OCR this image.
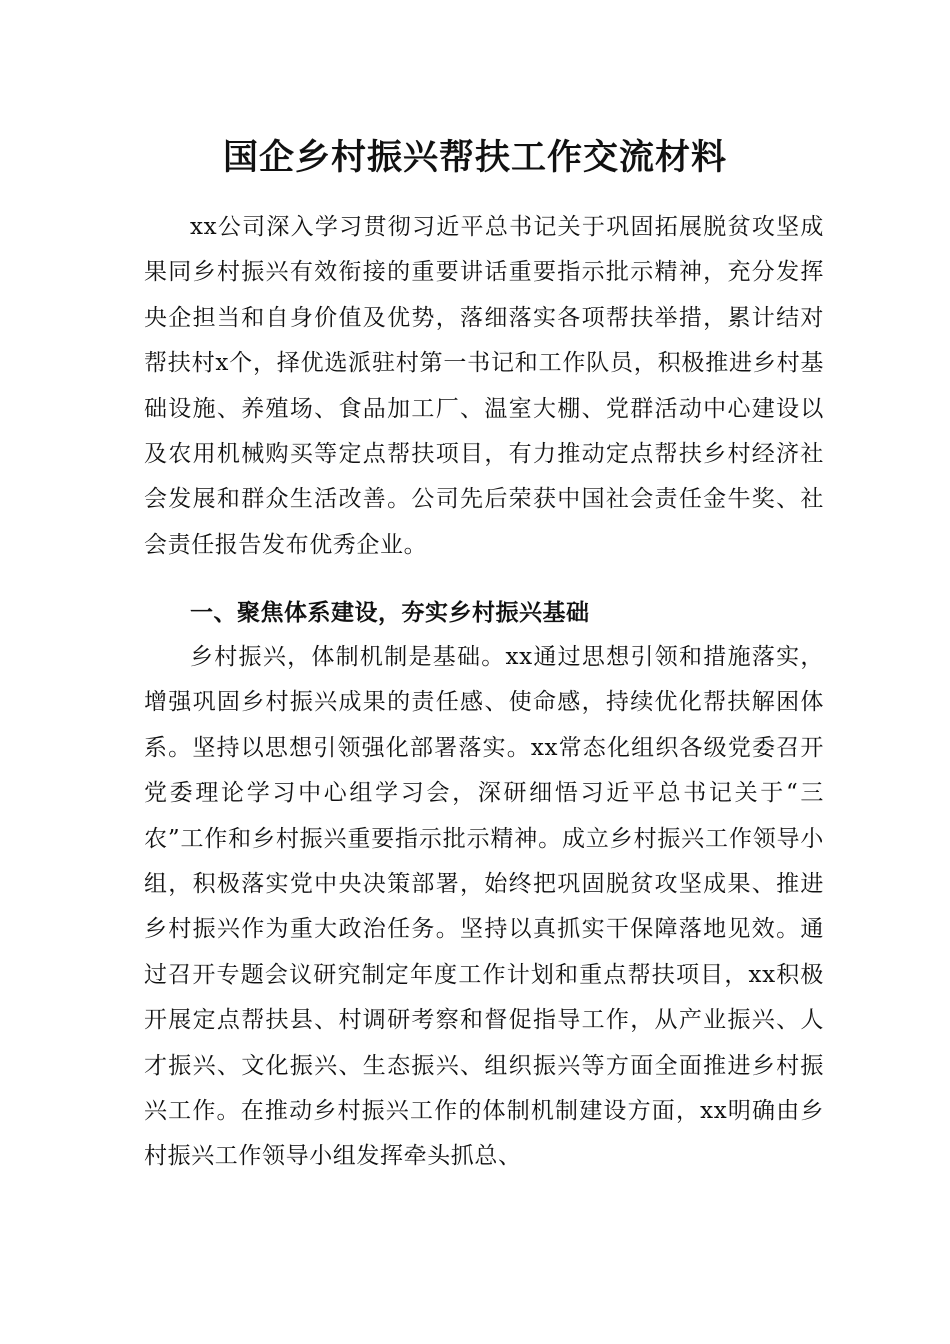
国企乡村振兴帮扶工作交流材料

xx公司深入学习贯彻习近平总书记关于巩固拓展脱贫攻坚成果同乡村振兴有效衔接的重要讲话重要指示批示精神，充分发挥央企担当和自身价值及优势，落细落实各项帮扶举措，累计结对帮扶村x个，择优选派驻村第一书记和工作队员，积极推进乡村基础设施、养殖场、食品加工厂、温室大棚、党群活动中心建设以及农用机械购买等定点帮扶项目，有力推动定点帮扶乡村经济社会发展和群众生活改善。公司先后荣获中国社会责任金牛奖、社会责任报告发布优秀企业。

一、聚焦体系建设，夯实乡村振兴基础

乡村振兴，体制机制是基础。xx通过思想引领和措施落实，增强巩固乡村振兴成果的责任感、使命感，持续优化帮扶解困体系。坚持以思想引领强化部署落实。xx常态化组织各级党委召开党委理论学习中心组学习会，深研细悟习近平总书记关于“三农”工作和乡村振兴重要指示批示精神。成立乡村振兴工作领导小组，积极落实党中央决策部署，始终把巩固脱贫攻坚成果、推进乡村振兴作为重大政治任务。坚持以真抓实干保障落地见效。通过召开专题会议研究制定年度工作计划和重点帮扶项目，xx积极开展定点帮扶县、村调研考察和督促指导工作，从产业振兴、人才振兴、文化振兴、生态振兴、组织振兴等方面全面推进乡村振兴工作。在推动乡村振兴工作的体制机制建设方面，xx明确由乡村振兴工作领导小组发挥牵头抓总、
